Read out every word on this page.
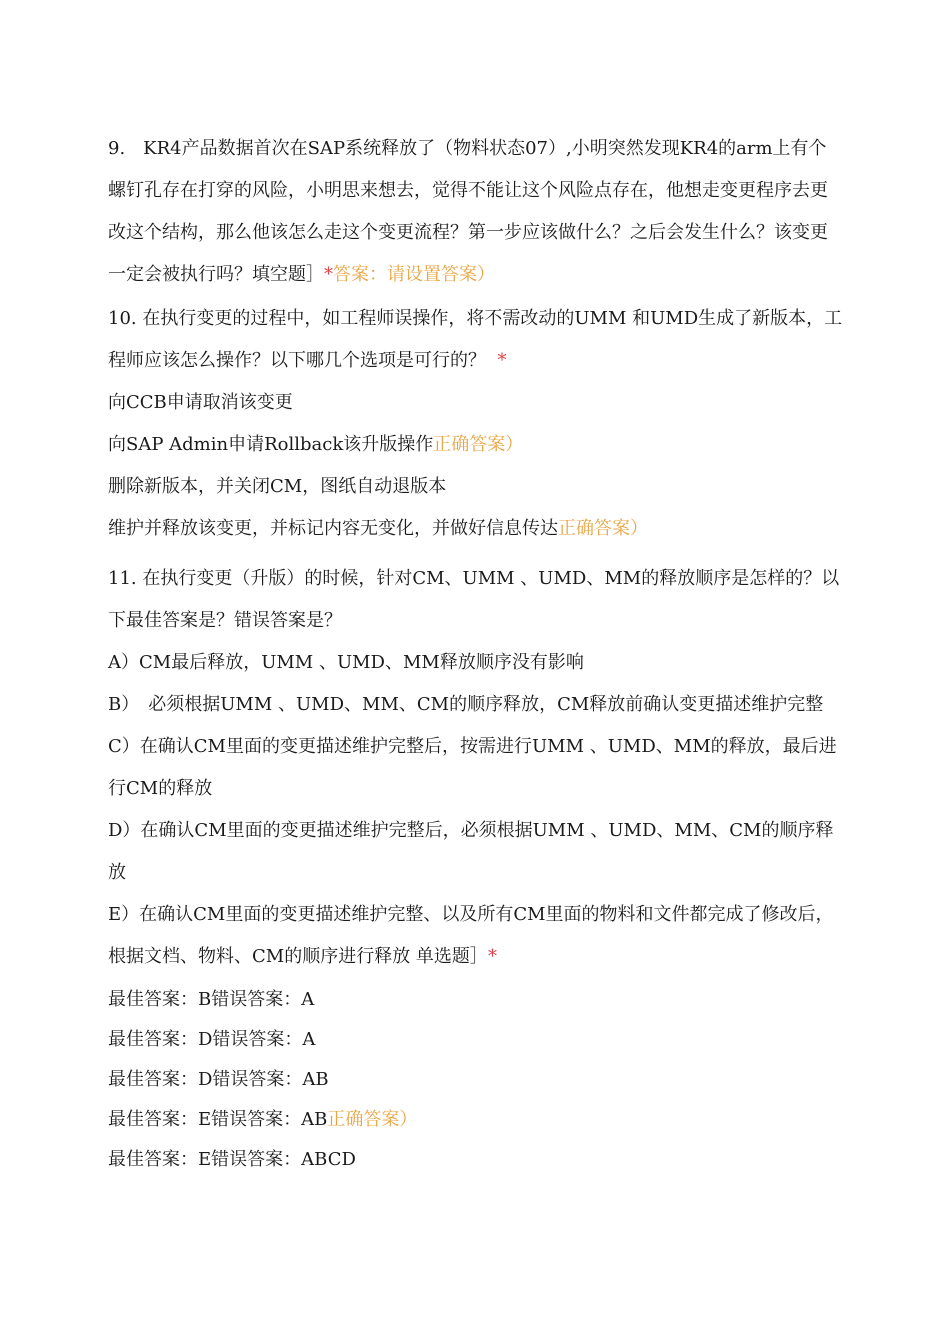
9.　KR4产品数据首次在SAP系统释放了（物料状态07）,小明突然发现KR4的arm上有个螺钉孔存在打穿的风险，小明思来想去，觉得不能让这个风险点存在，他想走变更程序去更改这个结构，那么他该怎么走这个变更流程？第一步应该做什么？之后会发生什么？该变更一定会被执行吗？填空题］*答案：请设置答案）

10. 在执行变更的过程中，如工程师误操作，将不需改动的UMM 和UMD生成了新版本，工程师应该怎么操作？以下哪几个选项是可行的？ *

向CCB申请取消该变更

向SAP Admin申请Rollback该升版操作正确答案）

删除新版本，并关闭CM，图纸自动退版本

维护并释放该变更，并标记内容无变化，并做好信息传达正确答案）

11. 在执行变更（升版）的时候，针对CM、UMM 、UMD、MM的释放顺序是怎样的？以下最佳答案是？错误答案是？

A）CM最后释放，UMM 、UMD、MM释放顺序没有影响

B）　必须根据UMM 、UMD、MM、CM的顺序释放，CM释放前确认变更描述维护完整

C）在确认CM里面的变更描述维护完整后，按需进行UMM 、UMD、MM的释放，最后进行CM的释放

D）在确认CM里面的变更描述维护完整后，必须根据UMM 、UMD、MM、CM的顺序释放

E）在确认CM里面的变更描述维护完整、以及所有CM里面的物料和文件都完成了修改后，根据文档、物料、CM的顺序进行释放 单选题］*

最佳答案：B错误答案：A

最佳答案：D错误答案：A

最佳答案：D错误答案：AB

最佳答案：E错误答案：AB正确答案）

最佳答案：E错误答案：ABCD
